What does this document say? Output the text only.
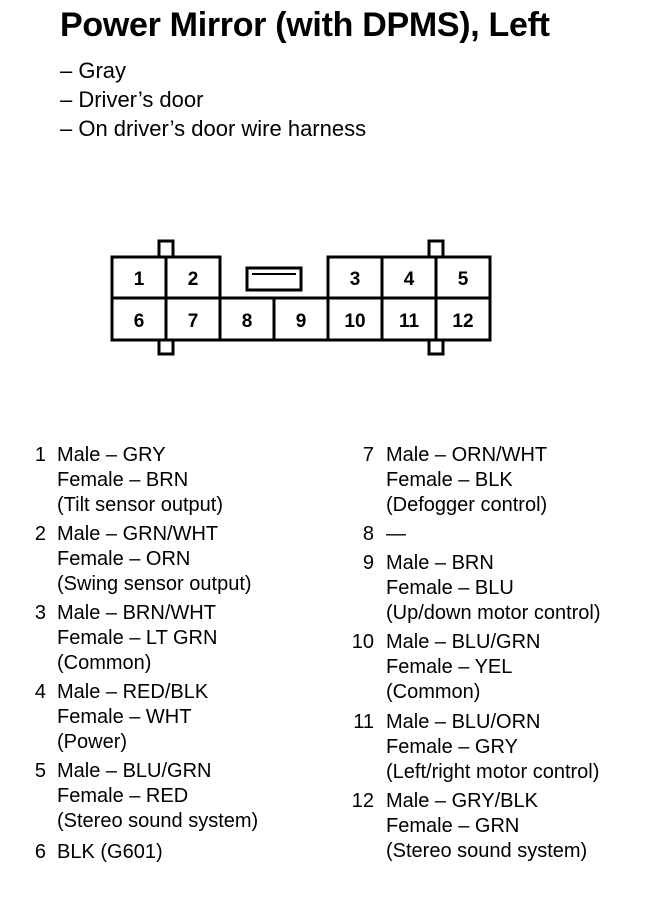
Power Mirror (with DPMS), Left
– Gray
– Driver’s door
– On driver’s door wire harness
1 2	3 4 5
6 7 8 9 10 11 12
1 Male – GRY
Female – BRN
(Tilt sensor output)
2 Male – GRN/WHT
Female – ORN
(Swing sensor output)
3 Male – BRN/WHT
Female – LT GRN
(Common)
4 Male – RED/BLK
Female – WHT
(Power)
5 Male – BLU/GRN
Female – RED
(Stereo sound system)
6 BLK (G601)
7 Male – ORN/WHT
Female – BLK
(Defogger control)
8 —
9 Male – BRN
Female – BLU
(Up/down motor control)
10 Male – BLU/GRN
Female – YEL
(Common)
11 Male – BLU/ORN
Female – GRY
(Left/right motor control)
12 Male – GRY/BLK
Female – GRN
(Stereo sound system)
